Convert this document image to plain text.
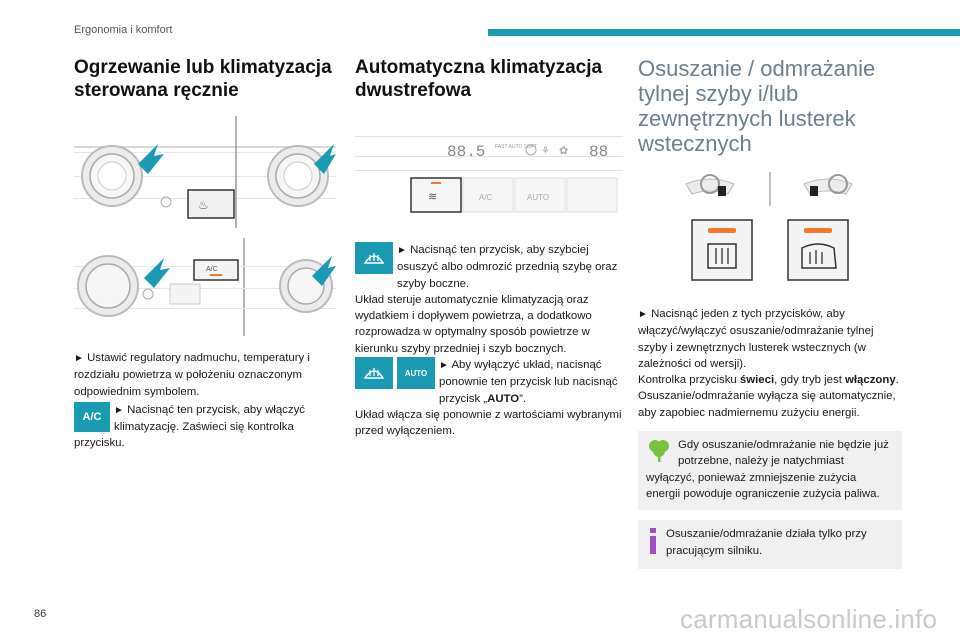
Ergonomia i komfort
Ogrzewanie lub klimatyzacja sterowana ręcznie
♨
A/C

► Ustawić regulatory nadmuchu, temperatury i rozdziału powietrza w położeniu oznaczonym odpowiednim symbolem.

A/C

► Nacisnąć ten przycisk, aby włączyć klimatyzację. Zaświeci się kontrolka przycisku.

Automatyczna klimatyzacja dwustrefowa
88.5 FAST AUTO SOFT ⚘ ✿ 88
≋	A/C	AUTO

► Nacisnąć ten przycisk, aby szybciej osuszyć albo odmrozić przednią szybę oraz szyby boczne.

Układ steruje automatycznie klimatyzacją oraz wydatkiem i dopływem powietrza, a dodatkowo rozprowadza w optymalny sposób powietrze w kierunku szyby przedniej i szyb bocznych.

AUTO

► Aby wyłączyć układ, nacisnąć ponownie ten przycisk lub nacisnąć przycisk „AUTO”.

Układ włącza się ponownie z wartościami wybranymi przed wyłączeniem.

Osuszanie / odmrażanie tylnej szyby i/lub zewnętrznych lusterek wstecznych

► Nacisnąć jeden z tych przycisków, aby włączyć/wyłączyć osuszanie/odmrażanie tylnej szyby i zewnętrznych lusterek wstecznych (w zależności od wersji).

Kontrolka przycisku świeci, gdy tryb jest włączony.

Osuszanie/odmrażanie wyłącza się automatycznie, aby zapobiec nadmiernemu zużyciu energii.

Gdy osuszanie/odmrażanie nie będzie już potrzebne, należy je natychmiast wyłączyć, ponieważ zmniejszenie zużycia energii powoduje ograniczenie zużycia paliwa.

Osuszanie/odmrażanie działa tylko przy pracującym silniku.

86	carmanualsonline.info
